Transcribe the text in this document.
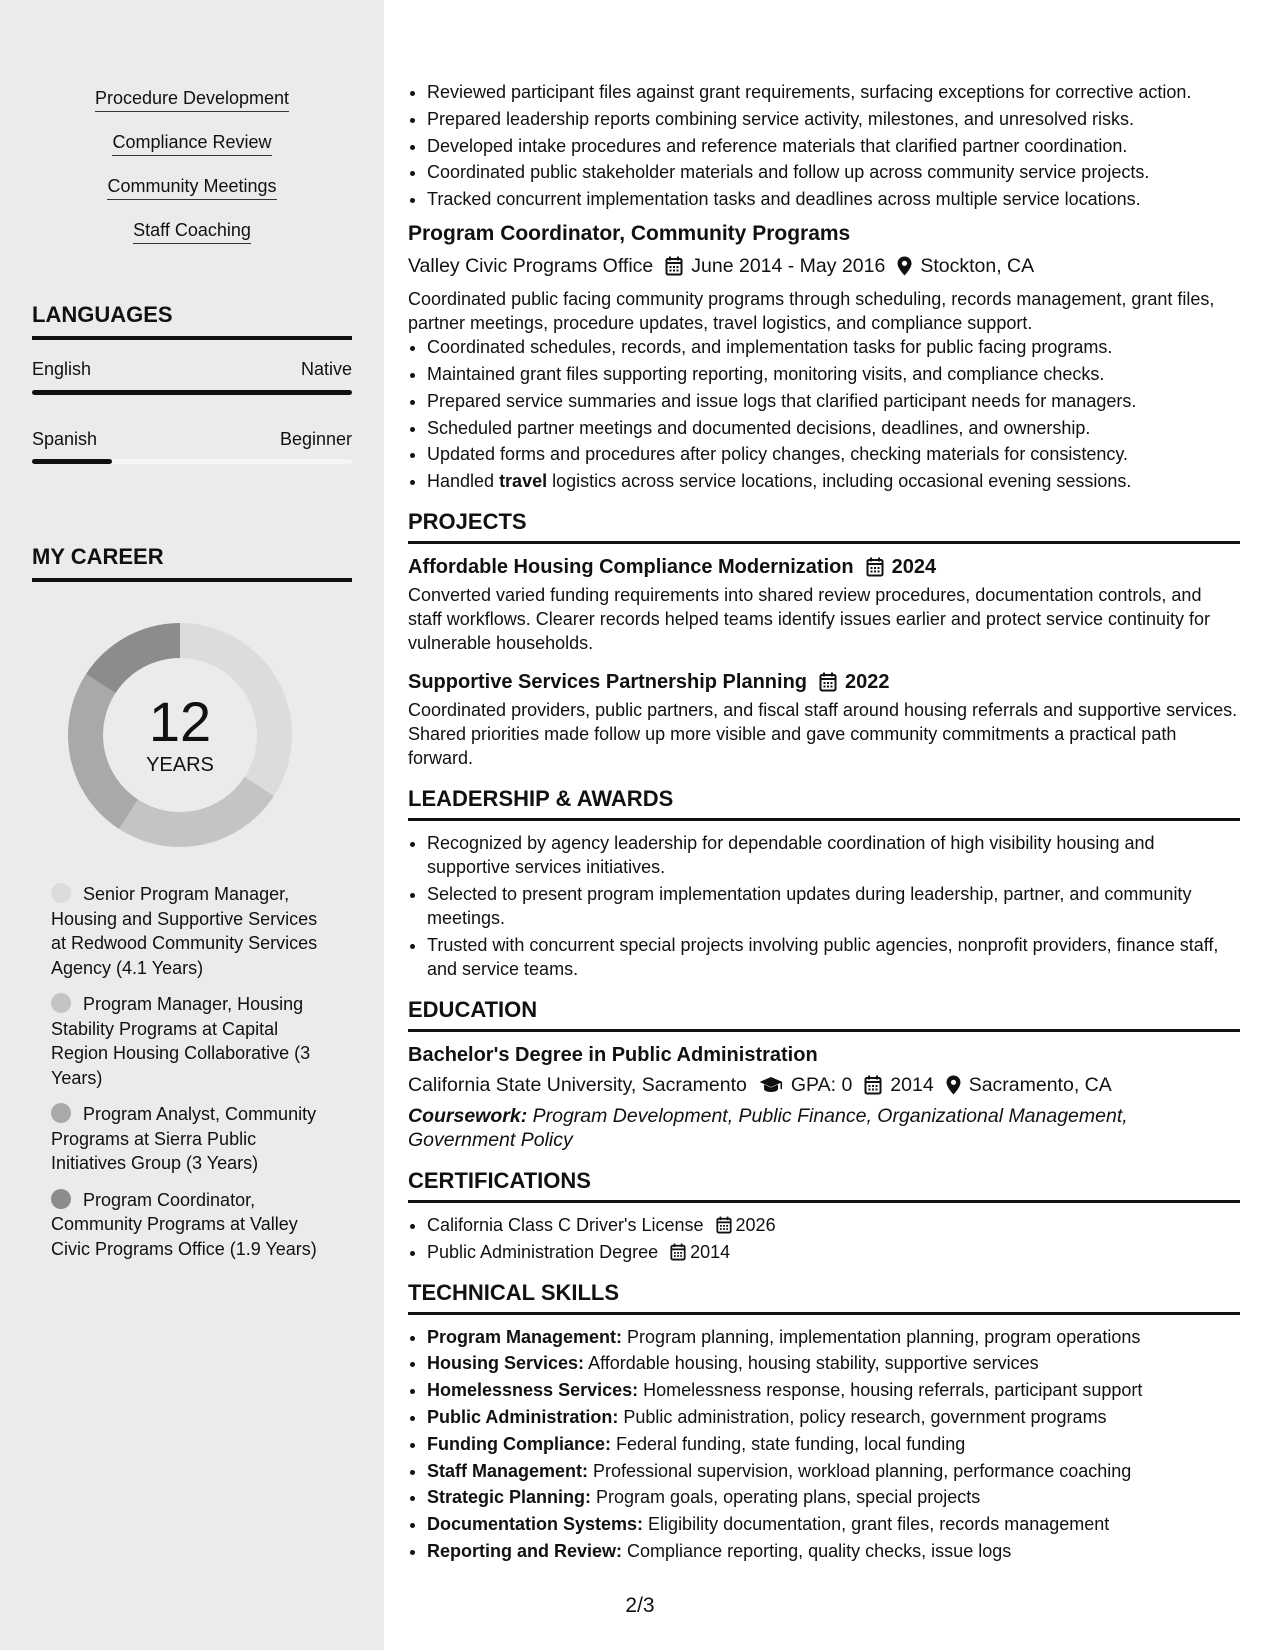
Procedure Development
Compliance Review
Community Meetings
Staff Coaching
LANGUAGES
English	Native
Spanish	Beginner
MY CAREER
12
YEARS
Senior Program Manager, Housing and Supportive Services at Redwood Community Services Agency (4.1 Years)
Program Manager, Housing Stability Programs at Capital Region Housing Collaborative (3 Years)
Program Analyst, Community Programs at Sierra Public Initiatives Group (3 Years)
Program Coordinator, Community Programs at Valley Civic Programs Office (1.9 Years)
• Reviewed participant files against grant requirements, surfacing exceptions for corrective action.
• Prepared leadership reports combining service activity, milestones, and unresolved risks.
• Developed intake procedures and reference materials that clarified partner coordination.
• Coordinated public stakeholder materials and follow up across community service projects.
• Tracked concurrent implementation tasks and deadlines across multiple service locations.
Program Coordinator, Community Programs
Valley Civic Programs Office June 2014 - May 2016 Stockton, CA
Coordinated public facing community programs through scheduling, records management, grant files, partner meetings, procedure updates, travel logistics, and compliance support.
• Coordinated schedules, records, and implementation tasks for public facing programs.
• Maintained grant files supporting reporting, monitoring visits, and compliance checks.
• Prepared service summaries and issue logs that clarified participant needs for managers.
• Scheduled partner meetings and documented decisions, deadlines, and ownership.
• Updated forms and procedures after policy changes, checking materials for consistency.
• Handled travel logistics across service locations, including occasional evening sessions.
PROJECTS
Affordable Housing Compliance Modernization 2024
Converted varied funding requirements into shared review procedures, documentation controls, and staff workflows. Clearer records helped teams identify issues earlier and protect service continuity for vulnerable households.
Supportive Services Partnership Planning 2022
Coordinated providers, public partners, and fiscal staff around housing referrals and supportive services. Shared priorities made follow up more visible and gave community commitments a practical path forward.
LEADERSHIP & AWARDS
• Recognized by agency leadership for dependable coordination of high visibility housing and supportive services initiatives.
• Selected to present program implementation updates during leadership, partner, and community meetings.
• Trusted with concurrent special projects involving public agencies, nonprofit providers, finance staff, and service teams.
EDUCATION
Bachelor's Degree in Public Administration
California State University, Sacramento GPA: 0 2014 Sacramento, CA
Coursework: Program Development, Public Finance, Organizational Management, Government Policy
CERTIFICATIONS
• California Class C Driver's License 2026
• Public Administration Degree 2014
TECHNICAL SKILLS
• Program Management: Program planning, implementation planning, program operations
• Housing Services: Affordable housing, housing stability, supportive services
• Homelessness Services: Homelessness response, housing referrals, participant support
• Public Administration: Public administration, policy research, government programs
• Funding Compliance: Federal funding, state funding, local funding
• Staff Management: Professional supervision, workload planning, performance coaching
• Strategic Planning: Program goals, operating plans, special projects
• Documentation Systems: Eligibility documentation, grant files, records management
• Reporting and Review: Compliance reporting, quality checks, issue logs
2/3
